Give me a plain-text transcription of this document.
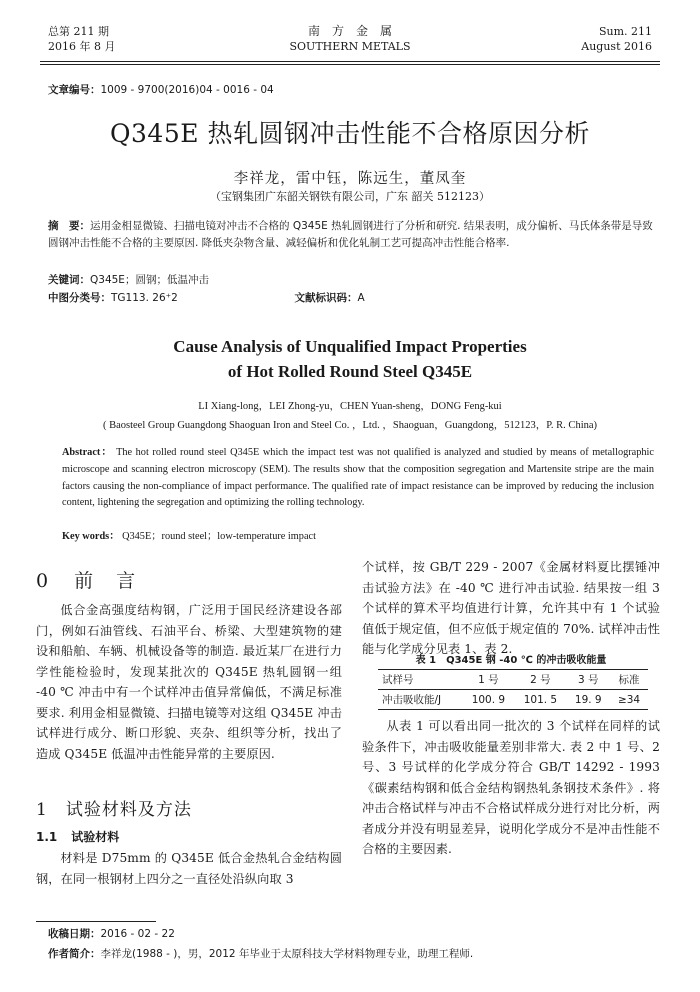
总第 211 期
2016 年 8 月
南　方　金　属
SOUTHERN METALS
Sum. 211
August 2016
文章编号：1009 - 9700(2016)04 - 0016 - 04
Q345E 热轧圆钢冲击性能不合格原因分析
李祥龙，雷中钰，陈远生，董凤奎
（宝钢集团广东韶关钢铁有限公司，广东 韶关 512123）
摘　要：运用金相显微镜、扫描电镜对冲击不合格的 Q345E 热轧圆钢进行了分析和研究. 结果表明，成分偏析、马氏体条带是导致圆钢冲击性能不合格的主要原因. 降低夹杂物含量、减轻偏析和优化轧制工艺可提高冲击性能合格率.
关键词：Q345E；圆钢；低温冲击
中图分类号：TG113. 26⁺2	文献标识码：A
Cause Analysis of Unqualified Impact Properties
of Hot Rolled Round Steel Q345E
LI Xiang-long，LEI Zhong-yu，CHEN Yuan-sheng，DONG Feng-kui
( Baosteel Group Guangdong Shaoguan Iron and Steel Co. ，Ltd. ，Shaoguan，Guangdong，512123，P. R. China)
Abstract： The hot rolled round steel Q345E which the impact test was not qualified is analyzed and studied by means of metallographic microscope and scanning electron microscopy (SEM). The results show that the composition segregation and Martensite stripe are the main factors causing the non-compliance of impact performance. The qualified rate of impact resistance can be improved by reducing the inclusion content, lightening the segregation and optimizing the rolling technology.
Key words： Q345E；round steel；low-temperature impact
0 前　言

低合金高强度结构钢，广泛用于国民经济建设各部门，例如石油管线、石油平台、桥梁、大型建筑物的建设和船舶、车辆、机械设备等的制造. 最近某厂在进行力学性能检验时，发现某批次的 Q345E 热轧圆钢一组 -40 ℃ 冲击中有一个试样冲击值异常偏低，不满足标准要求. 利用金相显微镜、扫描电镜等对这组 Q345E 冲击试样进行成分、断口形貌、夹杂、组织等分析，找出了造成 Q345E 低温冲击性能异常的主要原因.

1 试验材料及方法
1.1 试验材料

材料是 D75mm 的 Q345E 低合金热轧合金结构圆钢，在同一根钢材上四分之一直径处沿纵向取 3

个试样，按 GB/T 229 - 2007《金属材料夏比摆锤冲击试验方法》在 -40 ℃ 进行冲击试验. 结果按一组 3 个试样的算术平均值进行计算，允许其中有 1 个试验值低于规定值，但不应低于规定值的 70%. 试样冲击性能与化学成分见表 1、表 2.

表 1　Q345E 钢 -40 ℃ 的冲击吸收能量
试样号	1 号	2 号	3 号	标准
冲击吸收能/J	100. 9	101. 5	19. 9	≥34

从表 1 可以看出同一批次的 3 个试样在同样的试验条件下，冲击吸收能量差别非常大. 表 2 中 1 号、2 号、3 号试样的化学成分符合 GB/T 14292 - 1993《碳素结构钢和低合金结构钢热轧条钢技术条件》. 将冲击合格试样与冲击不合格试样成分进行对比分析，两者成分并没有明显差异，说明化学成分不是冲击性能不合格的主要因素.

收稿日期：2016 - 02 - 22
作者简介：李祥龙(1988 - )，男，2012 年毕业于太原科技大学材料物理专业，助理工程师.
